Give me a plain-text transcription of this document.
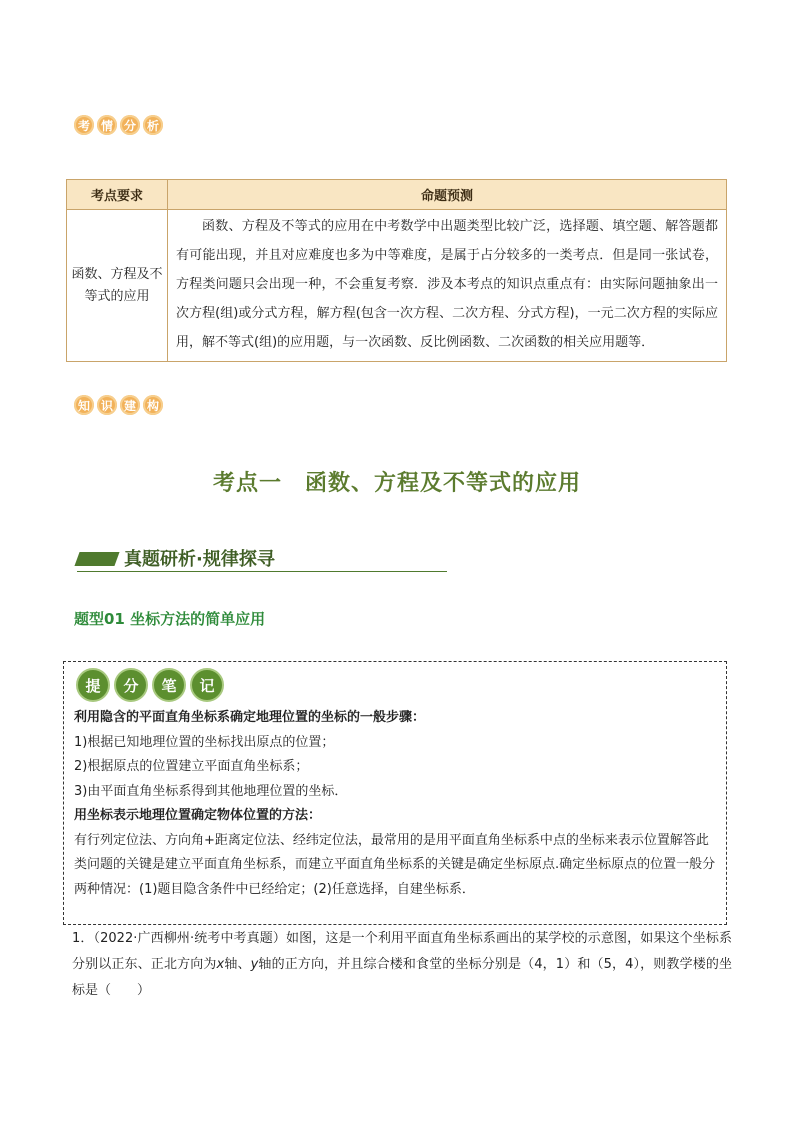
考 情 分 析
考点要求	命题预测
函数、方程及不等式的应用	函数、方程及不等式的应用在中考数学中出题类型比较广泛，选择题、填空题、解答题都有可能出现，并且对应难度也多为中等难度，是属于占分较多的一类考点．但是同一张试卷，方程类问题只会出现一种，不会重复考察．涉及本考点的知识点重点有：由实际问题抽象出一次方程(组)或分式方程，解方程(包含一次方程、二次方程、分式方程)，一元二次方程的实际应用，解不等式(组)的应用题，与一次函数、反比例函数、二次函数的相关应用题等．
知 识 建 构
考点一　函数、方程及不等式的应用
真题研析·规律探寻
题型01 坐标方法的简单应用
提	分	笔	记
利用隐含的平面直角坐标系确定地理位置的坐标的一般步骤：
1)根据已知地理位置的坐标找出原点的位置；
2)根据原点的位置建立平面直角坐标系；
3)由平面直角坐标系得到其他地理位置的坐标．
用坐标表示地理位置确定物体位置的方法：
有行列定位法、方向角+距离定位法、经纬定位法，最常用的是用平面直角坐标系中点的坐标来表示位置解答此类问题的关键是建立平面直角坐标系，而建立平面直角坐标系的关键是确定坐标原点.确定坐标原点的位置一般分两种情况：(1)题目隐含条件中已经给定；(2)任意选择，自建坐标系．
1．（2022·广西柳州·统考中考真题）如图，这是一个利用平面直角坐标系画出的某学校的示意图，如果这个坐标系分别以正东、正北方向为x轴、y轴的正方向，并且综合楼和食堂的坐标分别是（4，1）和（5，4），则教学楼的坐标是（　　）
